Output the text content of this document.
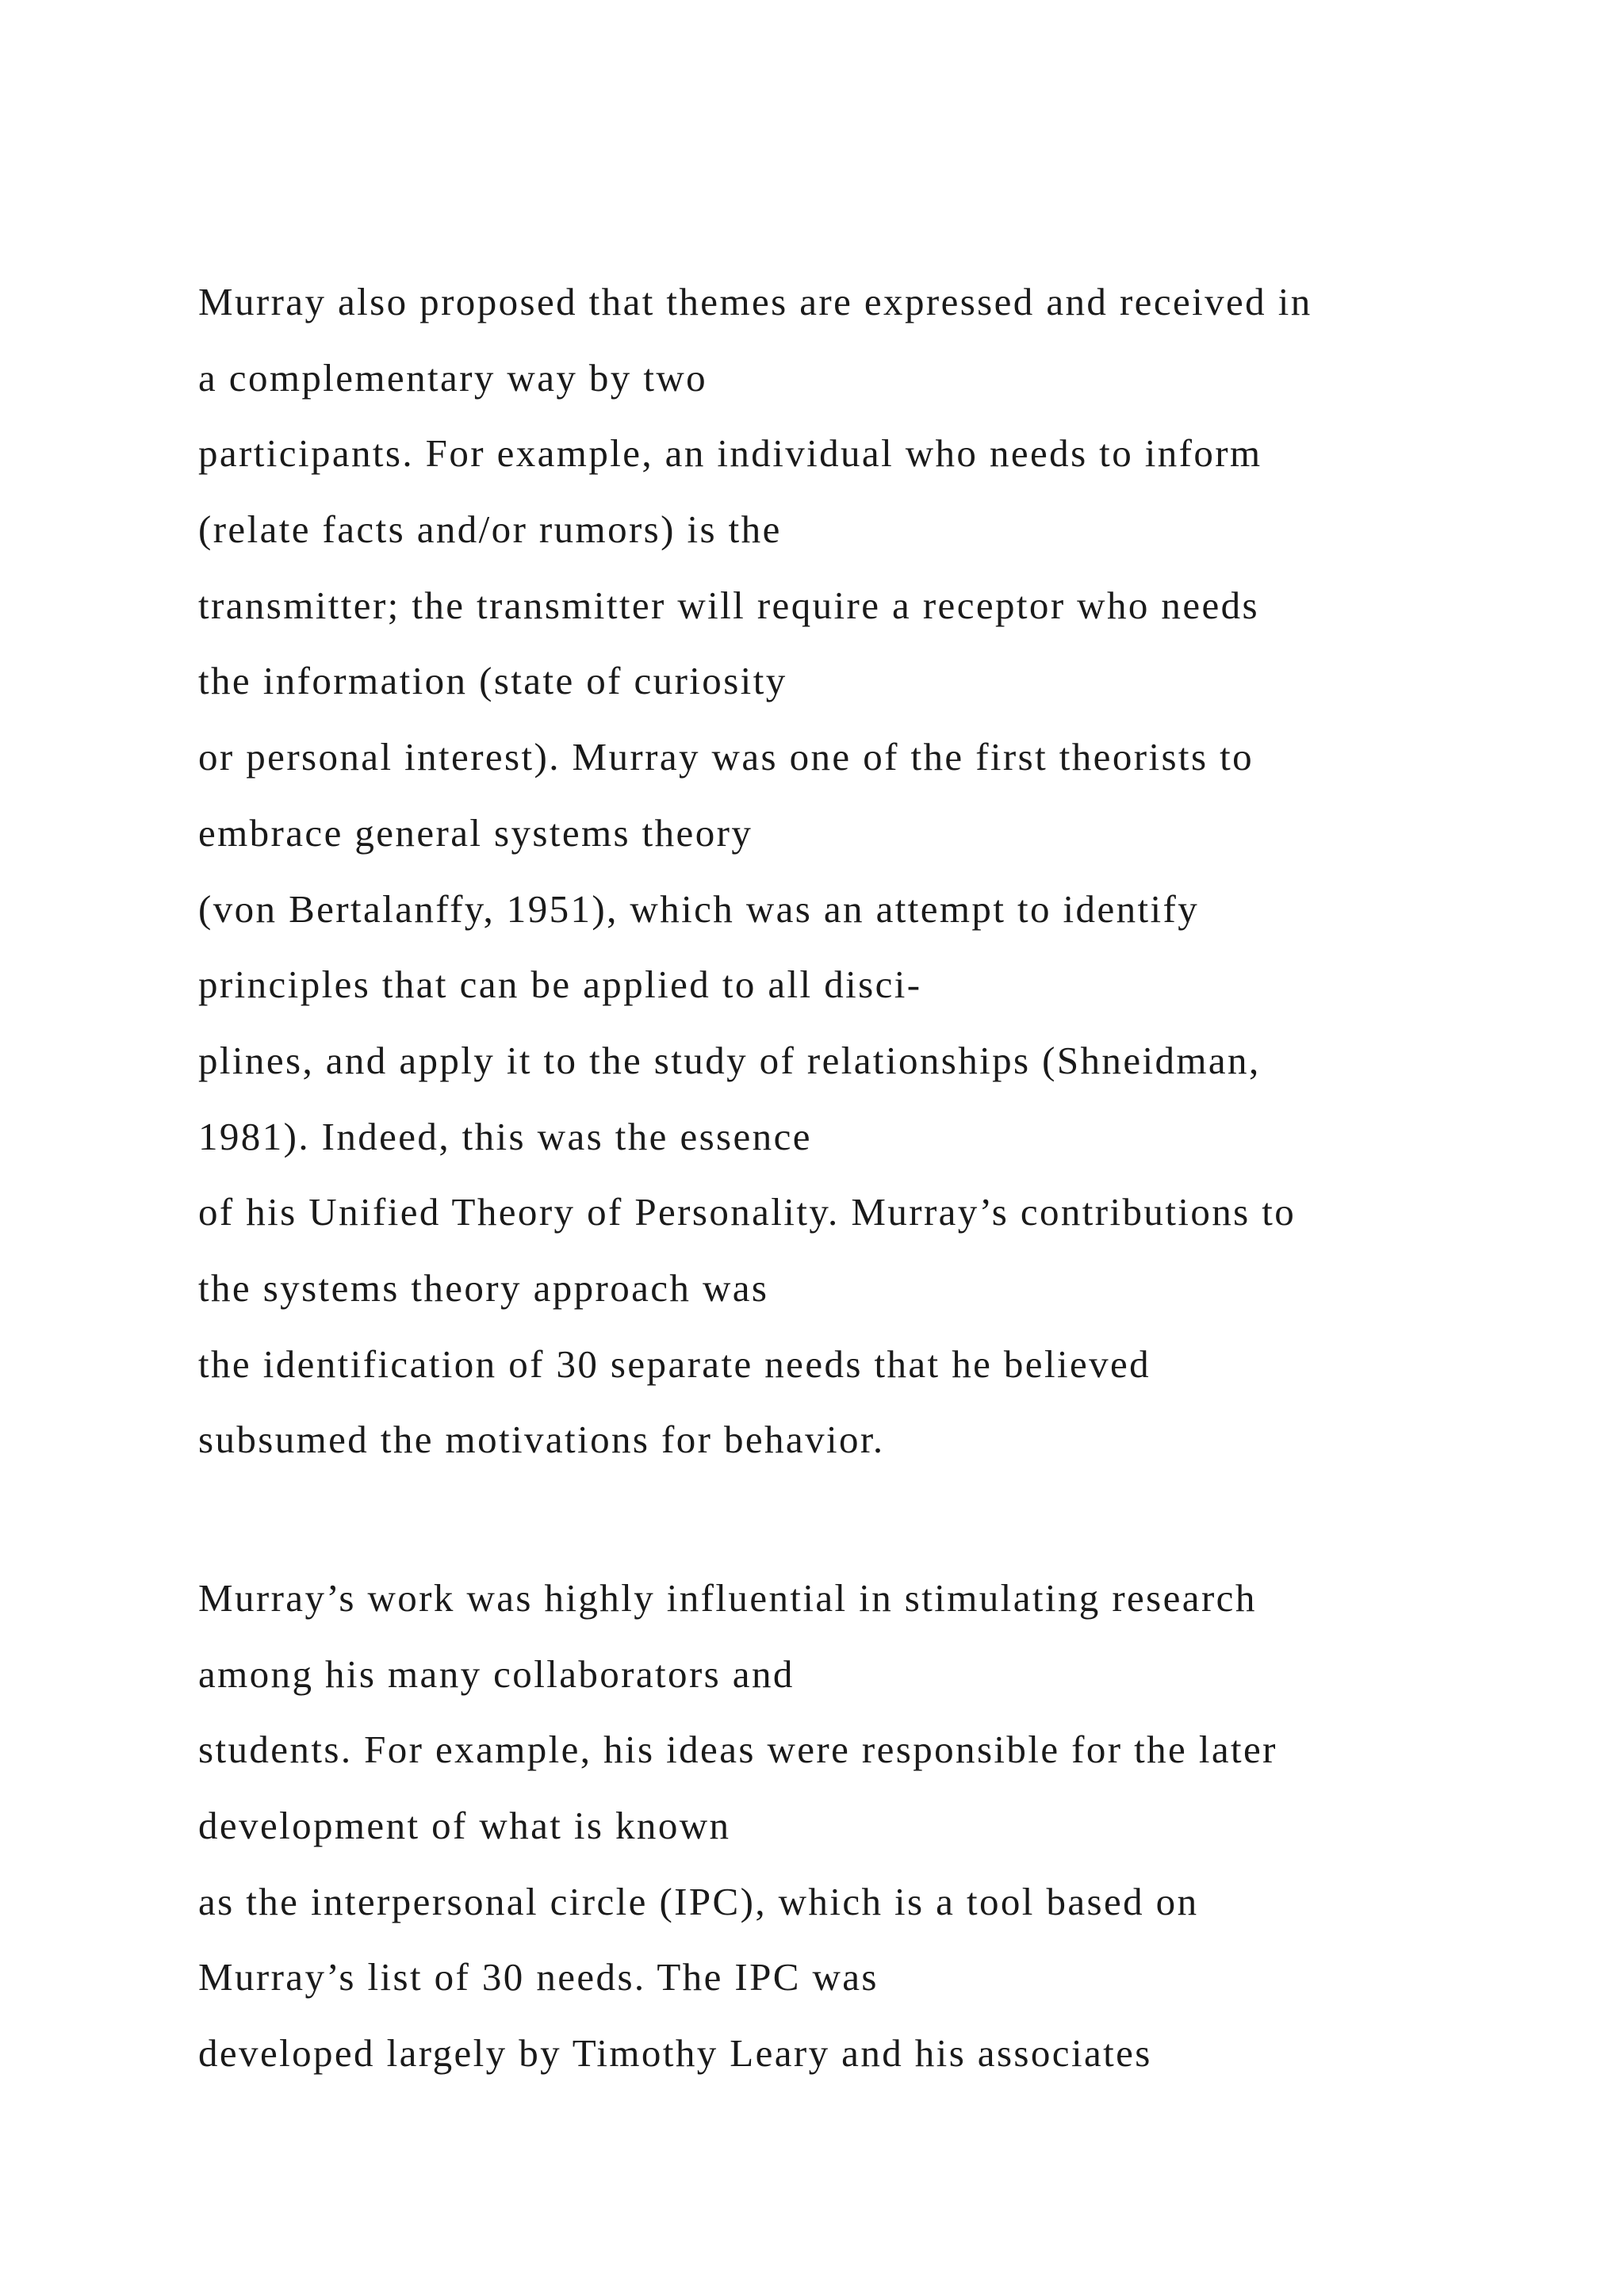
Murray also proposed that themes are expressed and received in
a complementary way by two
participants. For example, an individual who needs to inform
(relate facts and/or rumors) is the
transmitter; the transmitter will require a receptor who needs
the information (state of curiosity
or personal interest). Murray was one of the first theorists to
embrace general systems theory
(von Bertalanffy, 1951), which was an attempt to identify
principles that can be applied to all disci-
plines, and apply it to the study of relationships (Shneidman,
1981). Indeed, this was the essence
of his Unified Theory of Personality. Murray’s contributions to
the systems theory approach was
the identification of 30 separate needs that he believed
subsumed the motivations for behavior.
Murray’s work was highly influential in stimulating research
among his many collaborators and
students. For example, his ideas were responsible for the later
development of what is known
as the interpersonal circle (IPC), which is a tool based on
Murray’s list of 30 needs. The IPC was
developed largely by Timothy Leary and his associates
